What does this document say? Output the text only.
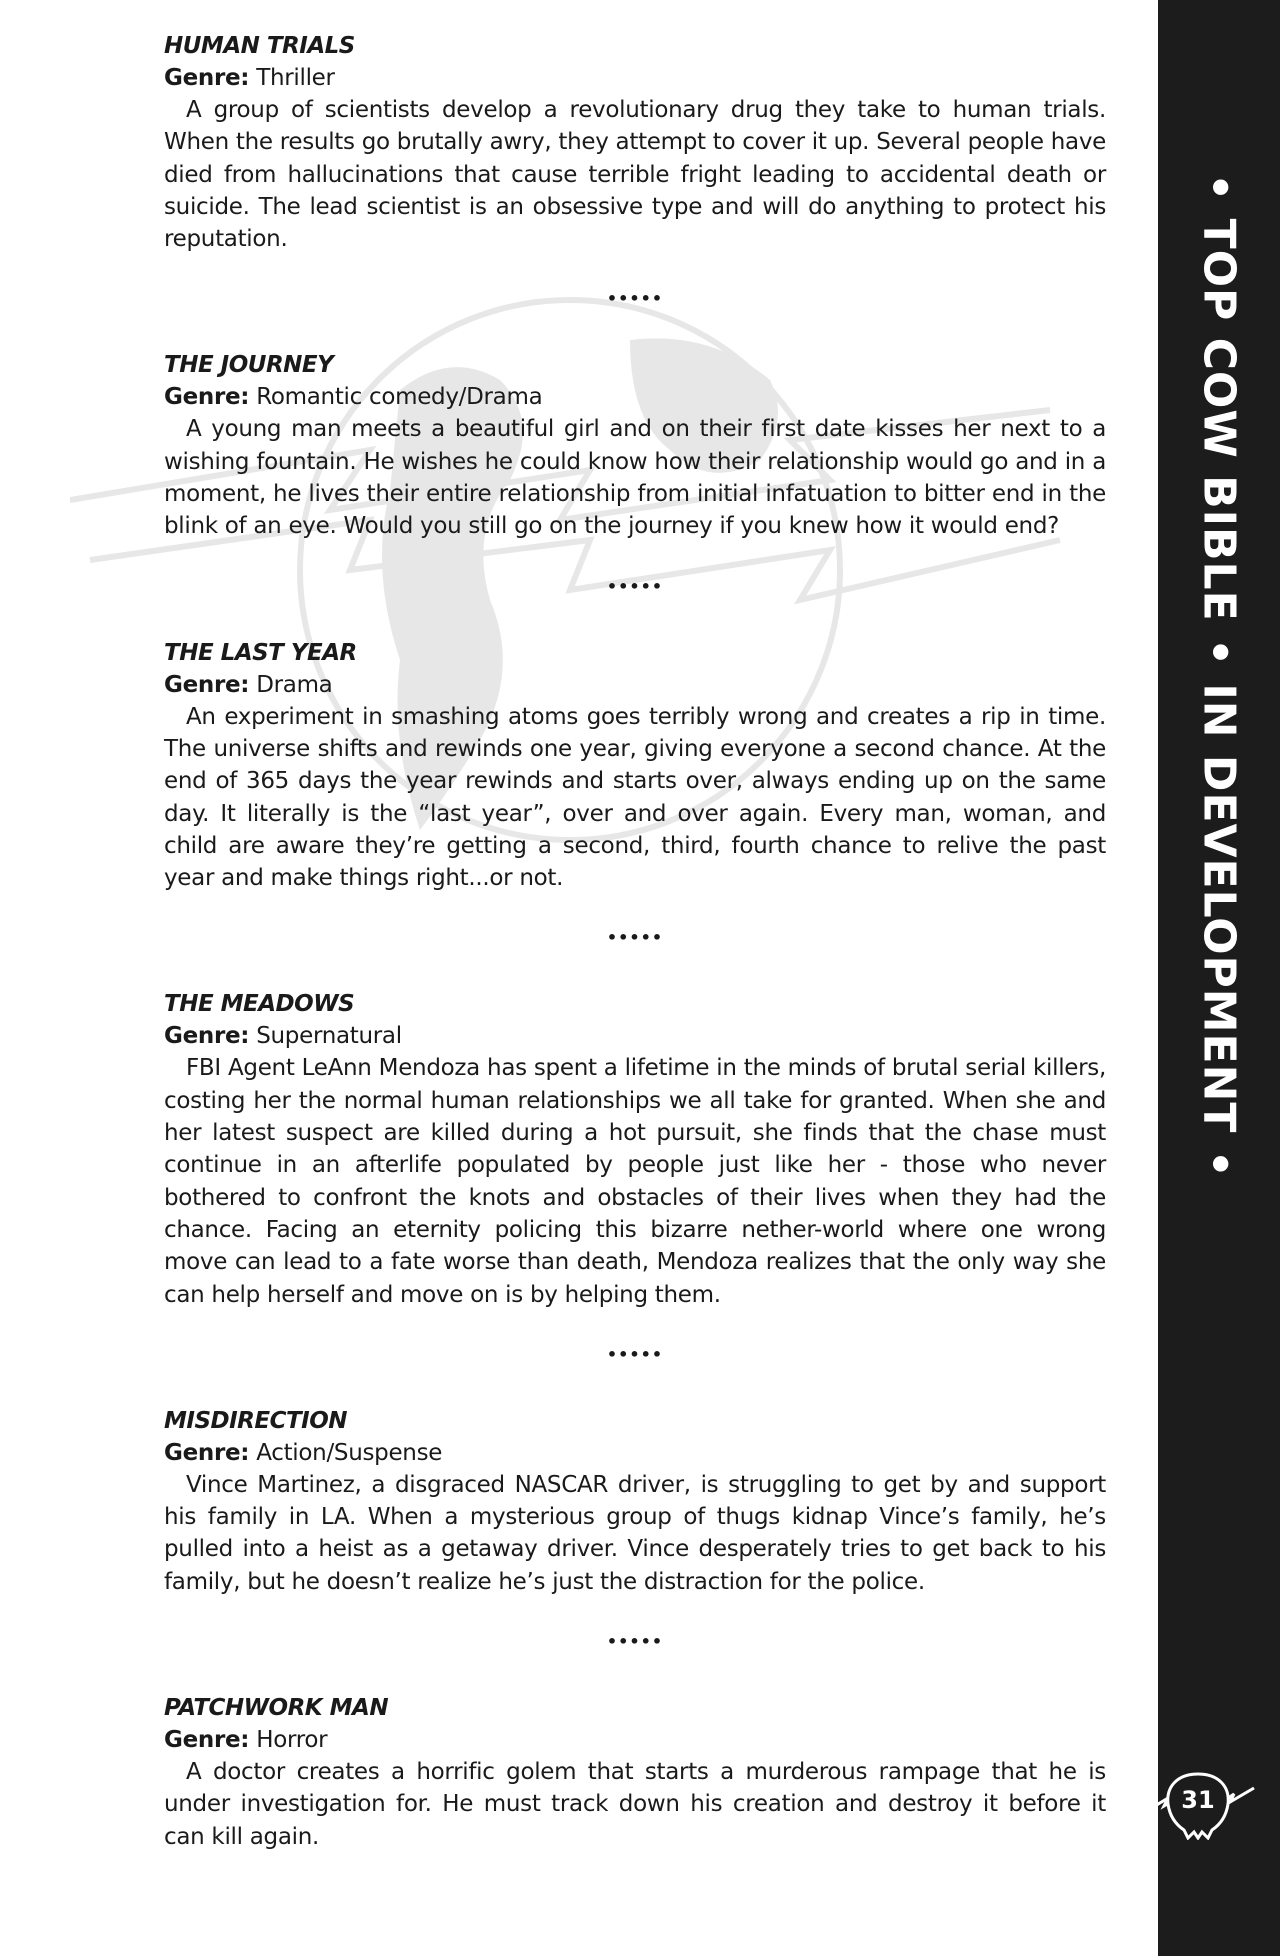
HUMAN TRIALS

Genre: Thriller

A group of scientists develop a revolutionary drug they take to human trials. When the results go brutally awry, they attempt to cover it up. Several people have died from hallucinations that cause terrible fright leading to accidental death or suicide. The lead scientist is an obsessive type and will do anything to protect his reputation.

•••••

THE JOURNEY

Genre: Romantic comedy/Drama

A young man meets a beautiful girl and on their first date kisses her next to a wishing fountain. He wishes he could know how their relationship would go and in a moment, he lives their entire relationship from initial infatuation to bitter end in the blink of an eye. Would you still go on the journey if you knew how it would end?

•••••

THE LAST YEAR

Genre: Drama

An experiment in smashing atoms goes terribly wrong and creates a rip in time. The universe shifts and rewinds one year, giving everyone a second chance. At the end of 365 days the year rewinds and starts over, always ending up on the same day. It literally is the “last year”, over and over again. Every man, woman, and child are aware they’re getting a second, third, fourth chance to relive the past year and make things right...or not.

•••••

THE MEADOWS

Genre: Supernatural

FBI Agent LeAnn Mendoza has spent a lifetime in the minds of brutal serial killers, costing her the normal human relationships we all take for granted. When she and her latest suspect are killed during a hot pursuit, she finds that the chase must continue in an afterlife populated by people just like her - those who never bothered to confront the knots and obstacles of their lives when they had the chance. Facing an eternity policing this bizarre nether-world where one wrong move can lead to a fate worse than death, Mendoza realizes that the only way she can help herself and move on is by helping them.

•••••

MISDIRECTION

Genre: Action/Suspense

Vince Martinez, a disgraced NASCAR driver, is struggling to get by and support his family in LA. When a mysterious group of thugs kidnap Vince’s family, he’s pulled into a heist as a getaway driver. Vince desperately tries to get back to his family, but he doesn’t realize he’s just the distraction for the police.

•••••

PATCHWORK MAN

Genre: Horror

A doctor creates a horrific golem that starts a murderous rampage that he is under investigation for. He must track down his creation and destroy it before it can kill again.

• TOP COW BIBLE • IN DEVELOPMENT •
31
